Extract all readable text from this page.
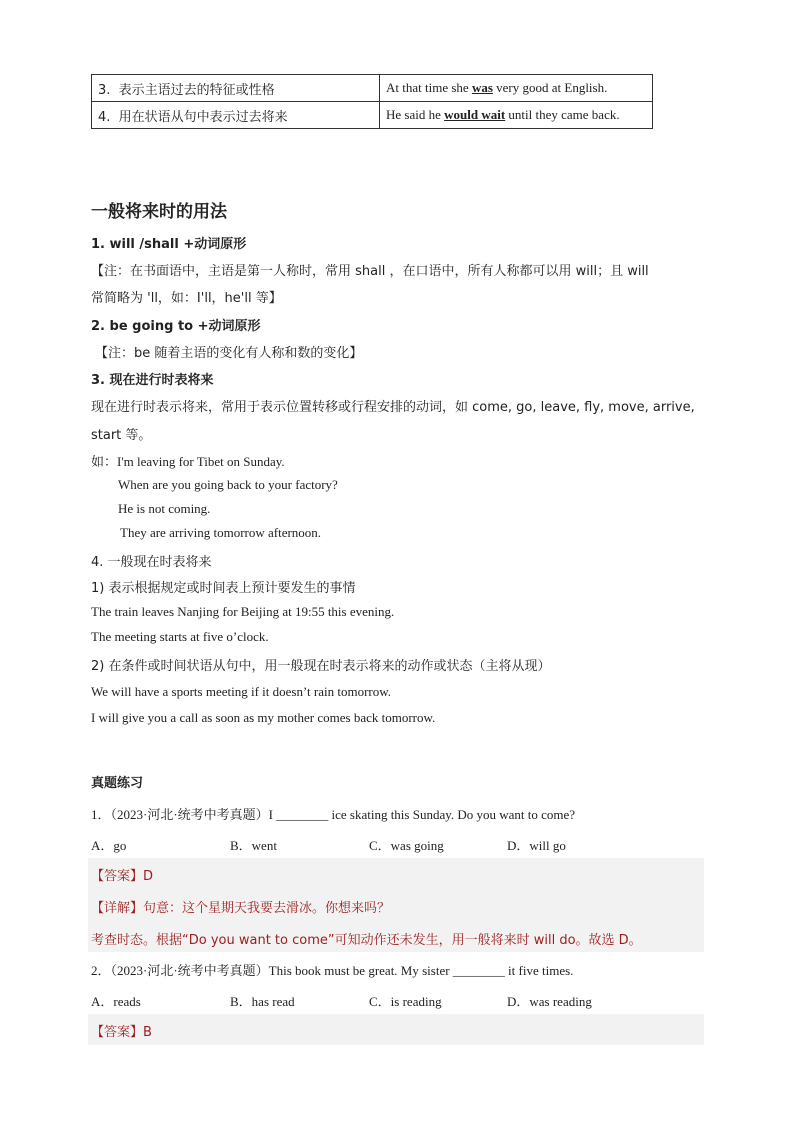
3. 表示主语过去的特征或性格	At that time she was very good at English.
4. 用在状语从句中表示过去将来	He said he would wait until they came back.
一般将来时的用法
1. will /shall +动词原形
【注：在书面语中，主语是第一人称时，常用 shall ，在口语中，所有人称都可以用 will；且 will
常简略为 'll，如：I'll，he'll 等】
2. be going to +动词原形
【注：be 随着主语的变化有人称和数的变化】
3. 现在进行时表将来
现在进行时表示将来，常用于表示位置转移或行程安排的动词，如 come, go, leave, fly, move, arrive,
start 等。
如：I'm leaving for Tibet on Sunday.
When are you going back to your factory?
He is not coming.
They are arriving tomorrow afternoon.
4. 一般现在时表将来
1) 表示根据规定或时间表上预计要发生的事情
The train leaves Nanjing for Beijing at 19:55 this evening.
The meeting starts at five o’clock.
2) 在条件或时间状语从句中，用一般现在时表示将来的动作或状态（主将从现）
We will have a sports meeting if it doesn’t rain tomorrow.
I will give you a call as soon as my mother comes back tomorrow.
真题练习
1．（2023·河北·统考中考真题）I ________ ice skating this Sunday. Do you want to come?
A．go	B．went	C．was going	D．will go
【答案】D
【详解】句意：这个星期天我要去滑冰。你想来吗？
考查时态。根据“Do you want to come”可知动作还未发生，用一般将来时 will do。故选 D。
2．（2023·河北·统考中考真题）This book must be great. My sister ________ it five times.
A．reads	B．has read	C．is reading	D．was reading
【答案】B
